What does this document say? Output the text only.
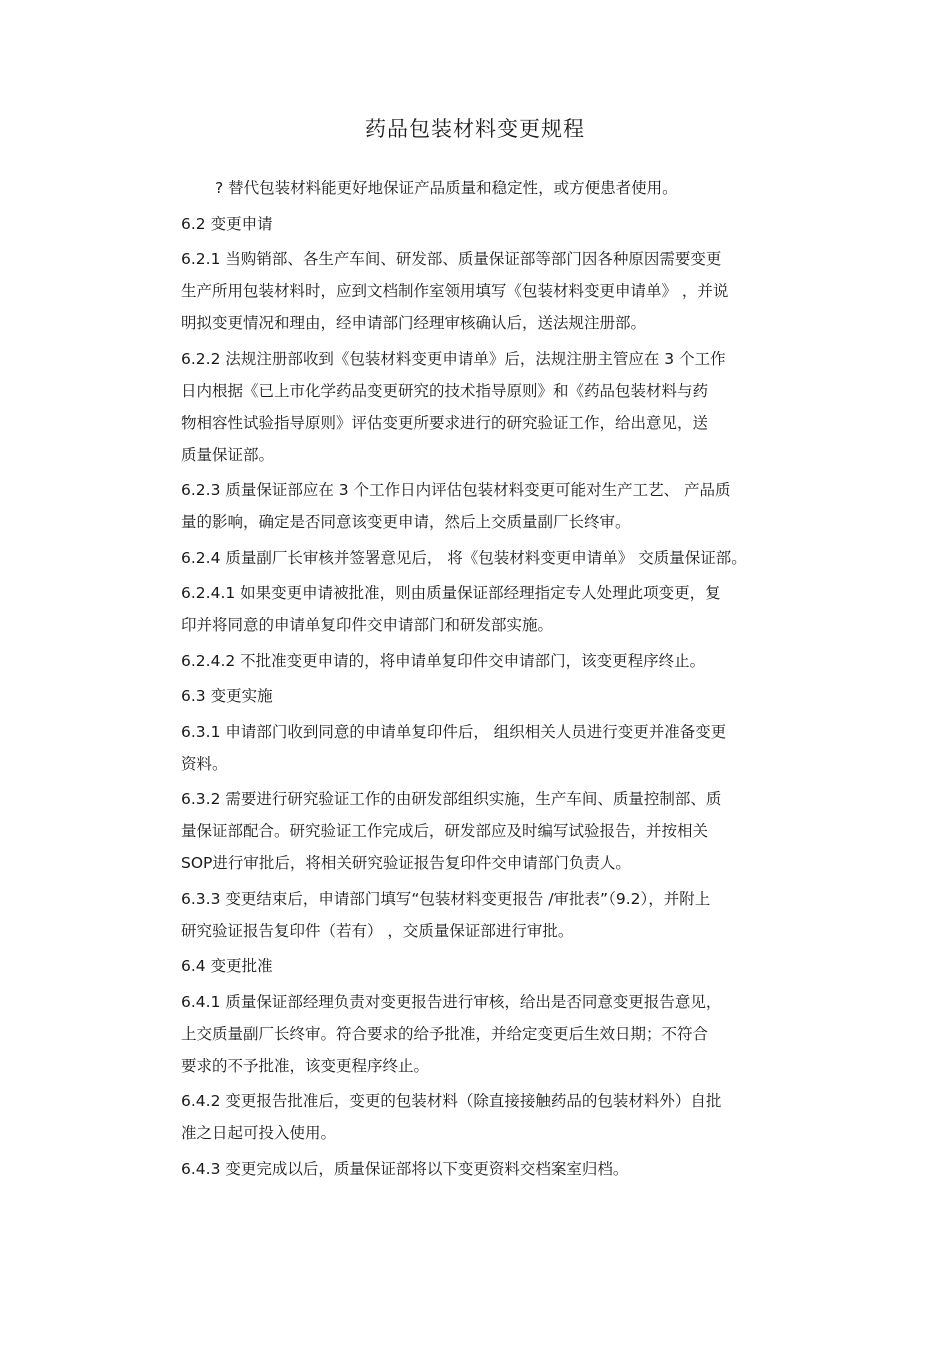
药品包装材料变更规程
? 替代包装材料能更好地保证产品质量和稳定性，或方便患者使用。
6.2 变更申请
6.2.1 当购销部、各生产车间、研发部、质量保证部等部门因各种原因需要变更
生产所用包装材料时，应到文档制作室领用填写《包装材料变更申请单》 ，并说
明拟变更情况和理由，经申请部门经理审核确认后，送法规注册部。
6.2.2 法规注册部收到《包装材料变更申请单》后，法规注册主管应在 3 个工作
日内根据《已上市化学药品变更研究的技术指导原则》和《药品包装材料与药
物相容性试验指导原则》评估变更所要求进行的研究验证工作，给出意见，送
质量保证部。
6.2.3 质量保证部应在 3 个工作日内评估包装材料变更可能对生产工艺、 产品质
量的影响，确定是否同意该变更申请，然后上交质量副厂长终审。
6.2.4 质量副厂长审核并签署意见后， 将《包装材料变更申请单》 交质量保证部。
6.2.4.1 如果变更申请被批准，则由质量保证部经理指定专人处理此项变更，复
印并将同意的申请单复印件交申请部门和研发部实施。
6.2.4.2 不批准变更申请的，将申请单复印件交申请部门，该变更程序终止。
6.3 变更实施
6.3.1 申请部门收到同意的申请单复印件后， 组织相关人员进行变更并准备变更
资料。
6.3.2 需要进行研究验证工作的由研发部组织实施，生产车间、质量控制部、质
量保证部配合。研究验证工作完成后，研发部应及时编写试验报告，并按相关
SOP进行审批后，将相关研究验证报告复印件交申请部门负责人。
6.3.3 变更结束后，申请部门填写“包装材料变更报告 /审批表”（9.2），并附上
研究验证报告复印件（若有） ，交质量保证部进行审批。
6.4 变更批准
6.4.1 质量保证部经理负责对变更报告进行审核，给出是否同意变更报告意见，
上交质量副厂长终审。符合要求的给予批准，并给定变更后生效日期；不符合
要求的不予批准，该变更程序终止。
6.4.2 变更报告批准后，变更的包装材料（除直接接触药品的包装材料外）自批
准之日起可投入使用。
6.4.3 变更完成以后，质量保证部将以下变更资料交档案室归档。
